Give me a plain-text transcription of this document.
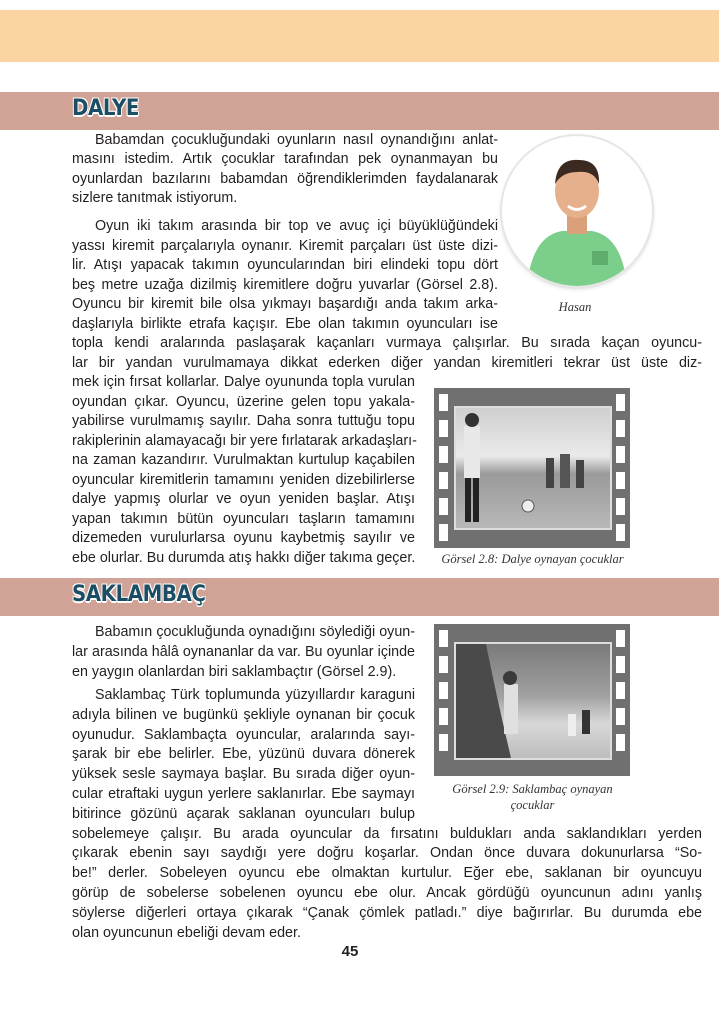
DALYE
Babamdan çocukluğundaki oyunların nasıl oynandığını anlat-
masını istedim. Artık çocuklar tarafından pek oynanmayan bu
oyunlardan bazılarını babamdan öğrendiklerimden faydalanarak
sizlere tanıtmak istiyorum.
Oyun iki takım arasında bir top ve avuç içi büyüklüğündeki
yassı kiremit parçalarıyla oynanır. Kiremit parçaları üst üste dizi-
lir. Atışı yapacak takımın oyuncularından biri elindeki topu dört
beş metre uzağa dizilmiş kiremitlere doğru yuvarlar (Görsel 2.8).
Oyuncu bir kiremit bile olsa yıkmayı başardığı anda takım arka-
daşlarıyla birlikte etrafa kaçışır. Ebe olan takımın oyuncuları ise
topla kendi aralarında paslaşarak kaçanları vurmaya çalışırlar. Bu sırada kaçan oyuncu-
lar bir yandan vurulmamaya dikkat ederken diğer yandan kiremitleri tekrar üst üste diz-
mek için fırsat kollarlar. Dalye oyununda topla vurulan
oyundan çıkar. Oyuncu, üzerine gelen topu yakala-
yabilirse vurulmamış sayılır. Daha sonra tuttuğu topu
rakiplerinin alamayacağı bir yere fırlatarak arkadaşları-
na zaman kazandırır. Vurulmaktan kurtulup kaçabilen
oyuncular kiremitlerin tamamını yeniden dizebilirlerse
dalye yapmış olurlar ve oyun yeniden başlar. Atışı
yapan takımın bütün oyuncuları taşların tamamını
dizemeden vurulurlarsa oyunu kaybetmiş sayılır ve
ebe olurlar. Bu durumda atış hakkı diğer takıma geçer.
Hasan
Görsel 2.8: Dalye oynayan çocuklar
SAKLAMBAÇ
Babamın çocukluğunda oynadığını söylediği oyun-
lar arasında hâlâ oynananlar da var. Bu oyunlar içinde
en yaygın olanlardan biri saklambaçtır (Görsel 2.9).
Saklambaç Türk toplumunda yüzyıllardır karaguni
adıyla bilinen ve bugünkü şekliyle oynanan bir çocuk
oyunudur. Saklambaçta oyuncular, aralarında sayı-
şarak bir ebe belirler. Ebe, yüzünü duvara dönerek
yüksek sesle saymaya başlar. Bu sırada diğer oyun-
cular etraftaki uygun yerlere saklanırlar. Ebe saymayı
bitirince gözünü açarak saklanan oyuncuları bulup
sobelemeye çalışır. Bu arada oyuncular da fırsatını buldukları anda saklandıkları yerden
çıkarak ebenin sayı saydığı yere doğru koşarlar. Ondan önce duvara dokunurlarsa “So-
be!” derler. Sobeleyen oyuncu ebe olmaktan kurtulur. Eğer ebe, saklanan bir oyuncuyu
görüp de sobelerse sobelenen oyuncu ebe olur. Ancak gördüğü oyuncunun adını yanlış
söylerse diğerleri ortaya çıkarak “Çanak çömlek patladı.” diye bağırırlar. Bu durumda ebe
olan oyuncunun ebeliği devam eder.
Görsel 2.9: Saklambaç oynayan
çocuklar
45
